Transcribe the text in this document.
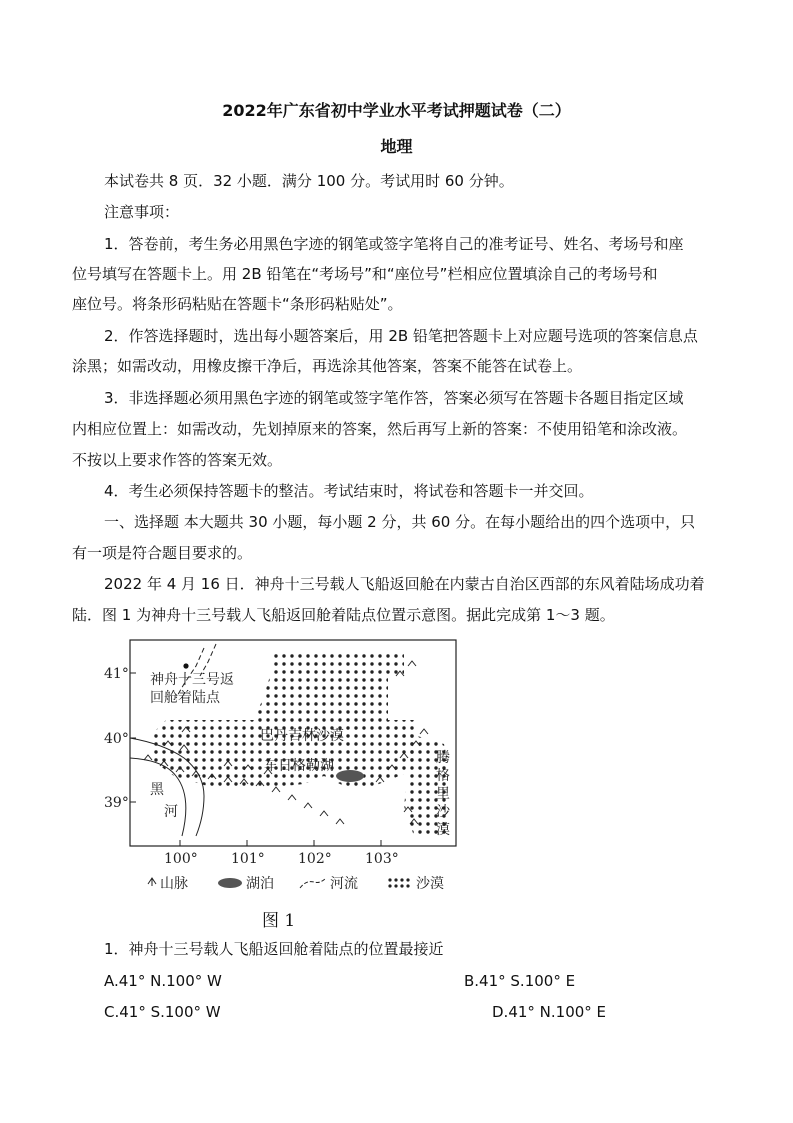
2022年广东省初中学业水平考试押题试卷（二）
地理
本试卷共 8 页．32 小题．满分 100 分。考试用时 60 分钟。
注意事项：
1．答卷前，考生务必用黑色字迹的钢笔或签字笔将自己的准考证号、姓名、考场号和座
位号填写在答题卡上。用 2B 铅笔在“考场号”和“座位号”栏相应位置填涂自己的考场号和
座位号。将条形码粘贴在答题卡“条形码粘贴处”。
2．作答选择题时，选出每小题答案后，用 2B 铅笔把答题卡上对应题号选项的答案信息点
涂黑；如需改动，用橡皮擦干净后，再选涂其他答案，答案不能答在试卷上。
3．非选择题必须用黑色字迹的钢笔或签字笔作答，答案必须写在答题卡各题目指定区域
内相应位置上：如需改动，先划掉原来的答案，然后再写上新的答案：不使用铅笔和涂改液。
不按以上要求作答的答案无效。
4．考生必须保持答题卡的整洁。考试结束时，将试卷和答题卡一并交回。
一、选择题 本大题共 30 小题，每小题 2 分，共 60 分。在每小题给出的四个选项中，只
有一项是符合题目要求的。
2022 年 4 月 16 日．神舟十三号载人飞船返回舱在内蒙古自治区西部的东风着陆场成功着
陆．图 1 为神舟十三号载人飞船返回舱着陆点位置示意图。据此完成第 1～3 题。
神舟十三号返
回舱着陆点
巴丹吉林沙漠
车日格勒湖
黑
河
腾
格
里
沙
漠
41°
40°
39°
100° 101° 102° 103°
山脉	湖泊	河流	沙漠
图 1
1．神舟十三号载人飞船返回舱着陆点的位置最接近
A.41° N.100° W	B.41° S.100° E
C.41° S.100° W	D.41° N.100° E
